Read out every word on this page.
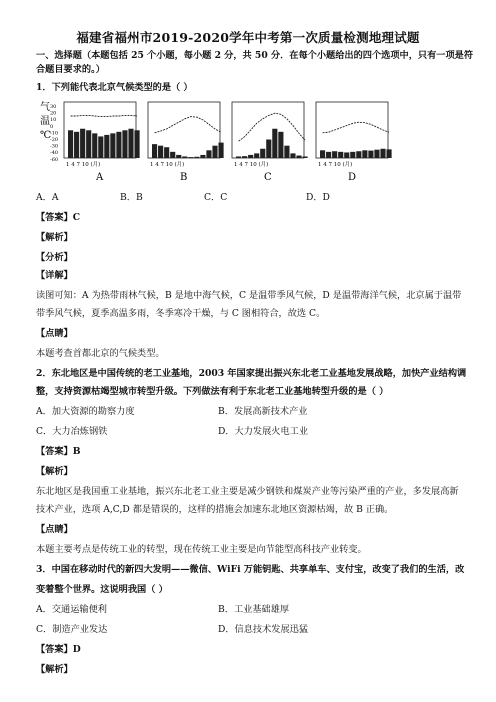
福建省福州市2019-2020学年中考第一次质量检测地理试题
一、选择题（本题包括 25 个小题，每小题 2 分，共 50 分．在每个小题给出的四个选项中，只有一项是符
合题目要求的。）
1．下列能代表北京气候类型的是（ ）
气
温
℃
1 4 7 10 (月)
A
1 4 7 10 (月)
B
1 4 7 10 (月)
C
1 4 7 10 (月)
D
30
20
10
0
-10
-20
-30
-40
-60
A．A	B．B	C．C	D．D
【答案】C
【解析】
【分析】
【详解】
读图可知：A 为热带雨林气候，B 是地中海气候，C 是温带季风气候，D 是温带海洋气候，北京属于温带
带季风气候，夏季高温多雨，冬季寒冷干燥，与 C 图相符合，故选 C。
【点睛】
本题考查首都北京的气候类型。
2．东北地区是中国传统的老工业基地，2003 年国家提出振兴东北老工业基地发展战略，加快产业结构调
整，支持资源枯竭型城市转型升级。下列做法有利于东北老工业基地转型升级的是（ ）
A．加大资源的勘察力度	B．发展高新技术产业
C．大力冶炼钢铁	D．大力发展火电工业
【答案】B
【解析】
东北地区是我国重工业基地，振兴东北老工业主要是减少钢铁和煤炭产业等污染严重的产业，多发展高新
技术产业，选项 A,C,D 都是错误的，这样的措施会加速东北地区资源枯竭，故 B 正确。
【点睛】
本题主要考点是传统工业的转型，现在传统工业主要是向节能型高科技产业转变。
3．中国在移动时代的新四大发明——微信、WiFi 万能钥匙、共享单车、支付宝，改变了我们的生活，改
变着整个世界。这说明我国（ ）
A．交通运输便利	B．工业基础雄厚
C．制造产业发达	D．信息技术发展迅猛
【答案】D
【解析】
